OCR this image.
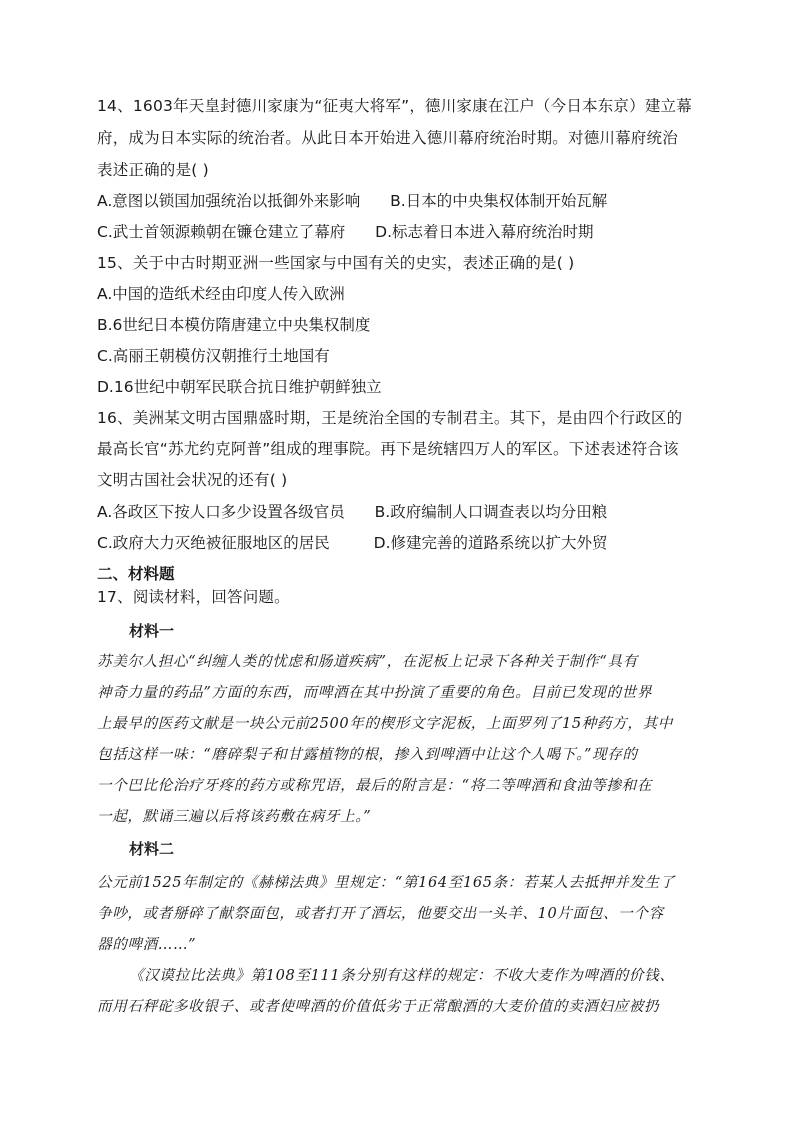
14、1603年天皇封德川家康为“征夷大将军”，德川家康在江户（今日本东京）建立幕
府，成为日本实际的统治者。从此日本开始进入德川幕府统治时期。对德川幕府统治
表述正确的是( )
A.意图以锁国加强统治以抵御外来影响 B.日本的中央集权体制开始瓦解
C.武士首领源赖朝在镰仓建立了幕府 D.标志着日本进入幕府统治时期
15、关于中古时期亚洲一些国家与中国有关的史实，表述正确的是( )
A.中国的造纸术经由印度人传入欧洲
B.6世纪日本模仿隋唐建立中央集权制度
C.高丽王朝模仿汉朝推行土地国有
D.16世纪中朝军民联合抗日维护朝鲜独立
16、美洲某文明古国鼎盛时期，王是统治全国的专制君主。其下，是由四个行政区的
最高长官“苏尤约克阿普”组成的理事院。再下是统辖四万人的军区。下述表述符合该
文明古国社会状况的还有( )
A.各政区下按人口多少设置各级官员 B.政府编制人口调查表以均分田粮
C.政府大力灭绝被征服地区的居民	D.修建完善的道路系统以扩大外贸
二、材料题
17、阅读材料，回答问题。
材料一
苏美尔人担心“纠缠人类的忧虑和肠道疾病”，在泥板上记录下各种关于制作“具有
神奇力量的药品”方面的东西，而啤酒在其中扮演了重要的角色。目前已发现的世界
上最早的医药文献是一块公元前2500年的楔形文字泥板，上面罗列了15种药方，其中
包括这样一味：“磨碎梨子和甘露植物的根，掺入到啤酒中让这个人喝下。”现存的
一个巴比伦治疗牙疼的药方或称咒语，最后的附言是：“将二等啤酒和食油等掺和在
一起，默诵三遍以后将该药敷在病牙上。”
材料二
公元前1525年制定的《赫梯法典》里规定：“第164至165条：若某人去抵押并发生了
争吵，或者掰碎了献祭面包，或者打开了酒坛，他要交出一头羊、10片面包、一个容
器的啤酒……”
《汉谟拉比法典》第108至111条分别有这样的规定：不收大麦作为啤酒的价钱、
而用石秤砣多收银子、或者使啤酒的价值低劣于正常酿酒的大麦价值的卖酒妇应被扔
